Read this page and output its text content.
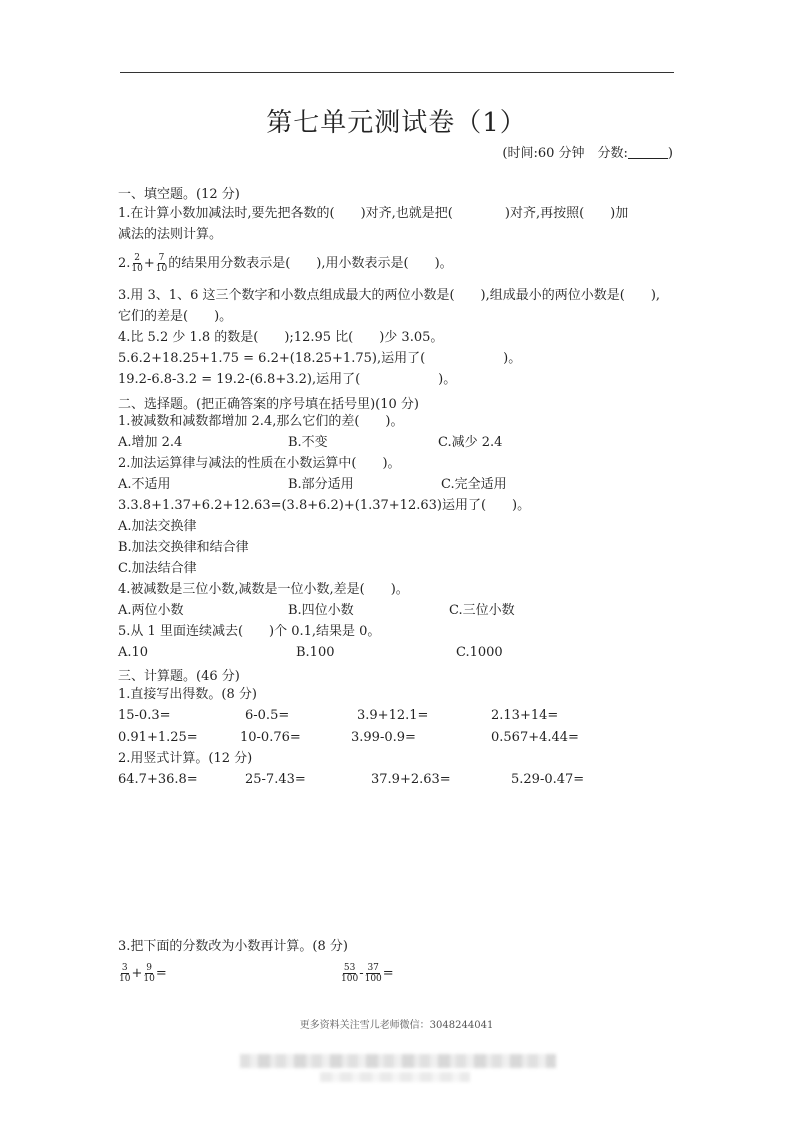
第七单元测试卷（1）
(时间:60 分钟　分数:	)
一、填空题。(12 分)
1.在计算小数加减法时,要先把各数的(　　)对齐,也就是把(　　　　)对齐,再按照(　　)加
减法的法则计算。
2. $\frac{2}{10} + \frac{7}{10}$ 的结果用分数表示是(　　),用小数表示是(　　)。
3.用 3、1、6 这三个数字和小数点组成最大的两位小数是(　　),组成最小的两位小数是(　　),
它们的差是(　　)。
4.比 5.2 少 1.8 的数是(　　);12.95 比(　　)少 3.05。
5.6.2+18.25+1.75 = 6.2+(18.25+1.75),运用了(　　　　　　)。
19.2-6.8-3.2 = 19.2-(6.8+3.2),运用了(　　　　　　)。
二、选择题。(把正确答案的序号填在括号里)(10 分)
1.被减数和减数都增加 2.4,那么它们的差(　　)。
A.增加 2.4	B.不变	C.减少 2.4
2.加法运算律与减法的性质在小数运算中(　　)。
A.不适用	B.部分适用	C.完全适用
3.3.8+1.37+6.2+12.63=(3.8+6.2)+(1.37+12.63)运用了(　　)。
A.加法交换律
B.加法交换律和结合律
C.加法结合律
4.被减数是三位小数,减数是一位小数,差是(　　)。
A.两位小数	B.四位小数	C.三位小数
5.从 1 里面连续减去(　　)个 0.1,结果是 0。
A.10	B.100	C.1000
三、计算题。(46 分)
1.直接写出得数。(8 分)
15-0.3=	6-0.5=	3.9+12.1=	2.13+14=
0.91+1.25=	10-0.76=	3.99-0.9=	0.567+4.44=
2.用竖式计算。(12 分)
64.7+36.8=	25-7.43=	37.9+2.63=	5.29-0.47=
3.把下面的分数改为小数再计算。(8 分)
$\frac{3}{10} + \frac{9}{10}$ =	$\frac{53}{100} - \frac{37}{100}$ =
更多资料关注雪儿老师微信：3048244041
